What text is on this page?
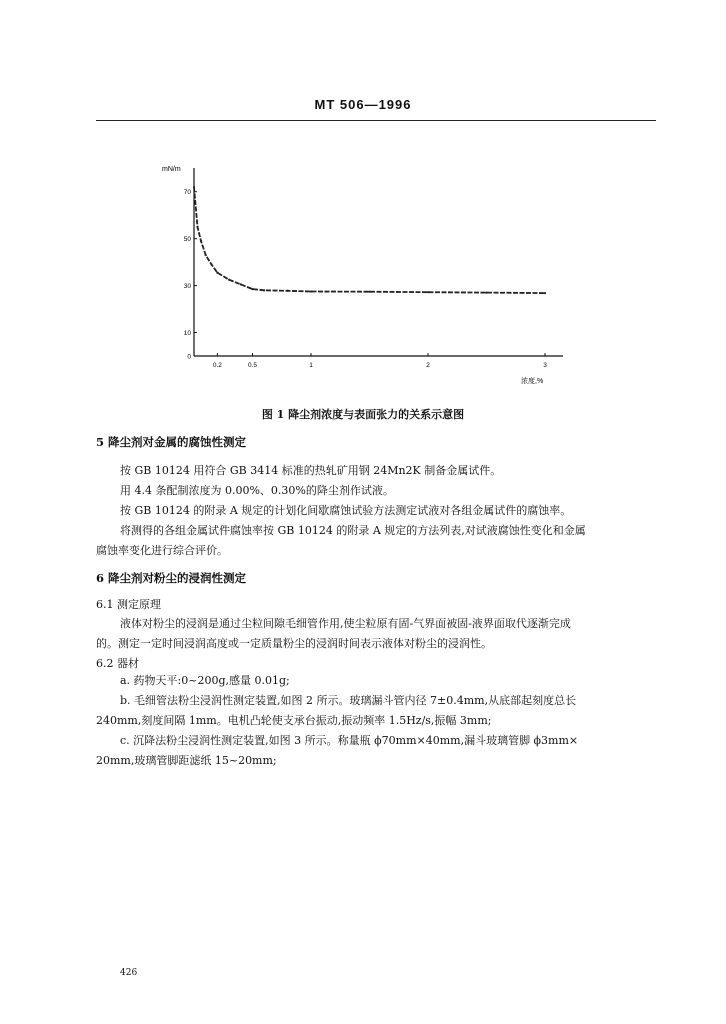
MT 506—1996
mN/m
浓度,%
10
30
50
70
0
0.2	0.5	1	2	3
图 1 降尘剂浓度与表面张力的关系示意图
5 降尘剂对金属的腐蚀性测定
按 GB 10124 用符合 GB 3414 标准的热轧矿用钢 24Mn2K 制备金属试件。
用 4.4 条配制浓度为 0.00%、0.30%的降尘剂作试液。
按 GB 10124 的附录 A 规定的计划化间歇腐蚀试验方法测定试液对各组金属试件的腐蚀率。
将测得的各组金属试件腐蚀率按 GB 10124 的附录 A 规定的方法列表,对试液腐蚀性变化和金属
腐蚀率变化进行综合评价。
6 降尘剂对粉尘的浸润性测定
6.1 测定原理
液体对粉尘的浸润是通过尘粒间隙毛细管作用,使尘粒原有固-气界面被固-液界面取代逐渐完成
的。测定一定时间浸润高度或一定质量粉尘的浸润时间表示液体对粉尘的浸润性。
6.2 器材
a. 药物天平:0~200g,感量 0.01g;
b. 毛细管法粉尘浸润性测定装置,如图 2 所示。玻璃漏斗管内径 7±0.4mm,从底部起刻度总长
240mm,刻度间隔 1mm。电机凸轮使支承台振动,振动频率 1.5Hz/s,振幅 3mm;
c. 沉降法粉尘浸润性测定装置,如图 3 所示。称量瓶 ϕ70mm×40mm,漏斗玻璃管脚 ϕ3mm×
20mm,玻璃管脚距滤纸 15~20mm;
426
